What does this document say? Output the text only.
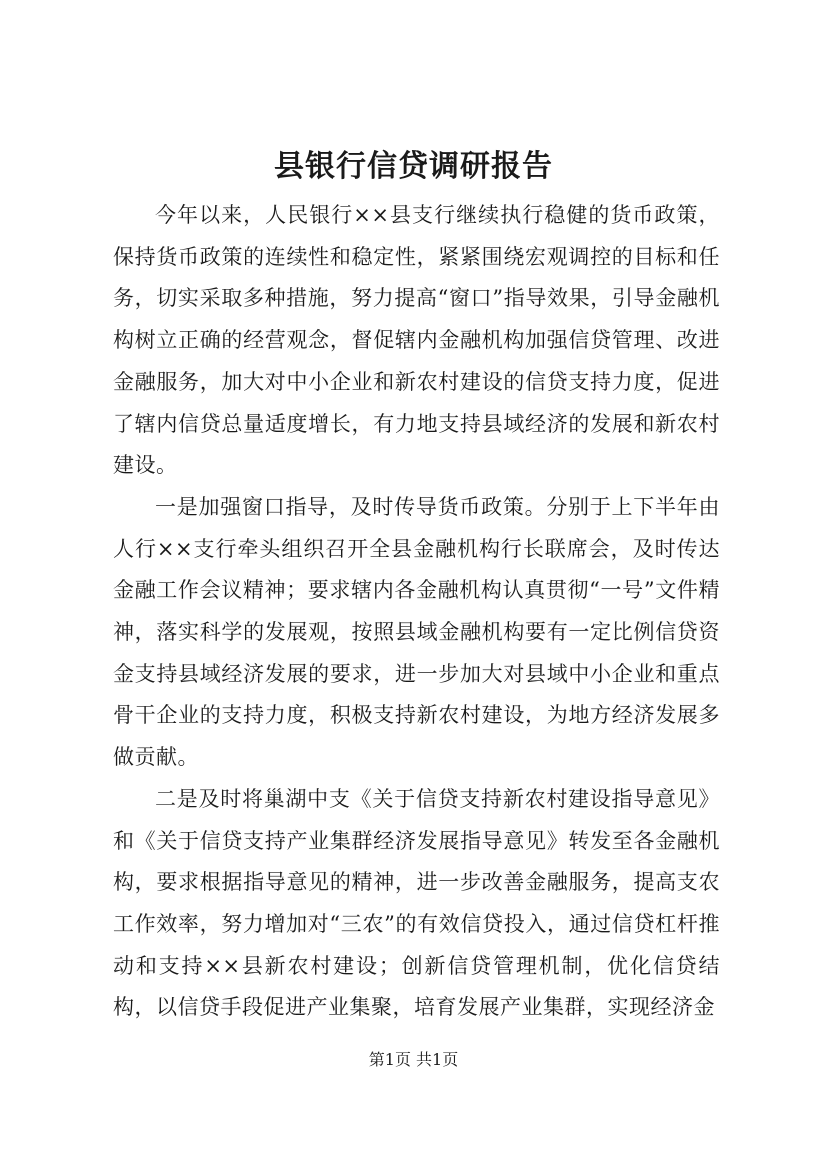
县银行信贷调研报告

今年以来，人民银行××县支行继续执行稳健的货币政策，保持货币政策的连续性和稳定性，紧紧围绕宏观调控的目标和任务，切实采取多种措施，努力提高“窗口”指导效果，引导金融机构树立正确的经营观念，督促辖内金融机构加强信贷管理、改进金融服务，加大对中小企业和新农村建设的信贷支持力度，促进了辖内信贷总量适度增长，有力地支持县域经济的发展和新农村建设。

一是加强窗口指导，及时传导货币政策。分别于上下半年由人行××支行牵头组织召开全县金融机构行长联席会，及时传达金融工作会议精神；要求辖内各金融机构认真贯彻“一号”文件精神，落实科学的发展观，按照县域金融机构要有一定比例信贷资金支持县域经济发展的要求，进一步加大对县域中小企业和重点骨干企业的支持力度，积极支持新农村建设，为地方经济发展多做贡献。

二是及时将巢湖中支《关于信贷支持新农村建设指导意见》和《关于信贷支持产业集群经济发展指导意见》转发至各金融机构，要求根据指导意见的精神，进一步改善金融服务，提高支农工作效率，努力增加对“三农”的有效信贷投入，通过信贷杠杆推动和支持××县新农村建设；创新信贷管理机制，优化信贷结构，以信贷手段促进产业集聚，培育发展产业集群，实现经济金

第1页 共1页
